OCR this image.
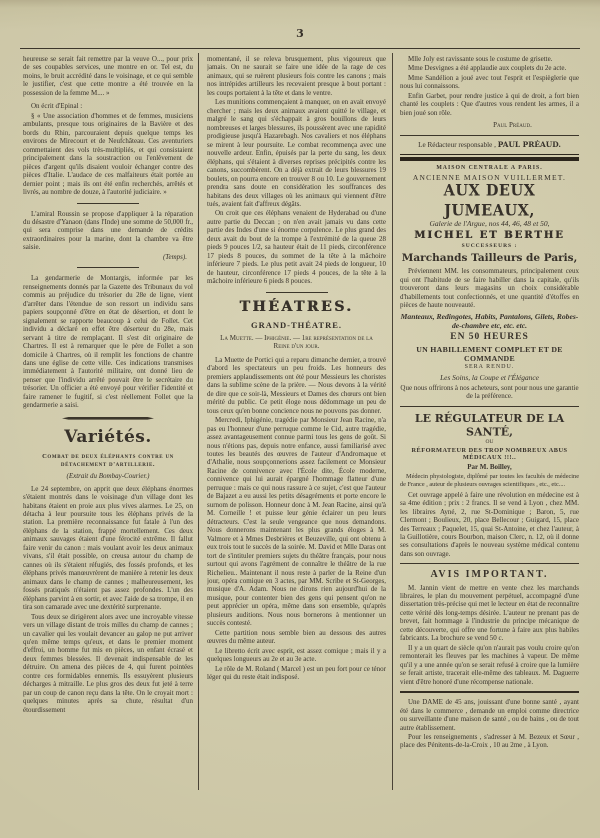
3

heureuse se serait fait remettre par la veuve O..., pour prix de ses coupables services, une montre en or. Tel est, du moins, le bruit accrédité dans le voisinage, et ce qui semble le justifier, c'est que cette montre a été trouvée en la possession de la femme M.... »

On écrit d'Epinal :

§ « Une association d'hommes et de femmes, musiciens ambulants, presque tous originaires de la Bavière et des bords du Rhin, parcouraient depuis quelque temps les environs de Mirecourt et de Neufchâteau. Ces aventuriers commettaient des vols très-multipliés, et qui consistaient principalement dans la soustraction ou l'enlèvement de pièces d'argent qu'ils disaient vouloir échanger contre des pièces d'Italie. L'audace de ces malfaiteurs était portée au dernier point ; mais ils ont été enfin recherchés, arrêtés et livrés, au nombre de douze, à l'autorité judiciaire. »

L'amiral Roussin se propose d'appliquer à la réparation du désastre d'Yanaon (dans l'Inde) une somme de 50,000 fr., qui sera comprise dans une demande de crédits extraordinaires pour la marine, dont la chambre va être saisie.

(Temps).

La gendarmerie de Montargis, informée par les renseignements donnés par la Gazette des Tribunaux du vol commis au préjudice du trésorier du 28e de ligne, vient d'arrêter dans l'étendue de son ressort un individu sans papiers soupçonné d'être en état de désertion, et dont le signalement se rapporte beaucoup à celui de Follet. Cet individu a déclaré en effet être déserteur du 28e, mais servant à titre de remplaçant. Il s'est dit originaire de Chartres. Il est à remarquer que le père de Follet a son domicile à Chartres, où il remplit les fonctions de chantre dans une église de cette ville. Ces indications transmises immédiatement à l'autorité militaire, ont donné lieu de penser que l'individu arrêté pouvait être le secrétaire du trésorier. Un officier a été envoyé pour vérifier l'identité et faire ramener le fugitif, si c'est réellement Follet que la gendarmerie a saisi.

Variétés.
Combat de deux éléphants contre un détachement d'artillerie.
(Extrait du Bombay-Courier.)

Le 24 septembre, on apprit que deux éléphans énormes s'étaient montrés dans le voisinage d'un village dont les habitans étaient en proie aux plus vives alarmes. Le 25, on détacha à leur poursuite tous les éléphans privés de la station. La première reconnaissance fut fatale à l'un des éléphans de la station, frappé mortellement. Ces deux animaux sauvages étaient d'une férocité extrême. Il fallut faire venir du canon : mais voulant avoir les deux animaux vivans, s'il était possible, on creusa autour du champ de cannes où ils s'étaient réfugiés, des fossés profonds, et les éléphans privés manœuvrèrent de manière à retenir les deux animaux dans le champ de cannes ; malheureusement, les fossés pratiqués n'étaient pas assez profondes. L'un des éléphans parvint à en sortir, et avec l'aide de sa trompe, il en tira son camarade avec une dextérité surprenante.

Tous deux se dirigèrent alors avec une incroyable vitesse vers un village distant de trois milles du champ de cannes ; un cavalier qui les voulait devancer au galop ne put arriver qu'en même temps qu'eux, et dans le premier moment d'effroi, un homme fut mis en pièces, un enfant écrasé et deux femmes blessées. Il devenait indispensable de les détruire. On amena des pièces de 4, qui furent pointées contre ces formidables ennemis. Ils essuyèrent plusieurs décharges à mitraille. Le plus gros des deux fut jeté à terre par un coup de canon reçu dans la tête. On le croyait mort : quelques minutes après sa chute, résultat d'un étourdissement

momentané, il se releva brusquement, plus vigoureux que jamais. On ne saurait se faire une idée de la rage de ces animaux, qui se ruèrent plusieurs fois contre les canons ; mais nos intrépides artilleurs les recevaient presque à bout portant : les coups portaient à la tête et dans le ventre.

Les munitions commençaient à manquer, on en avait envoyé chercher ; mais les deux animaux avaient quitté le village, et malgré le sang qui s'échappait à gros bouillons de leurs nombreuses et larges blessures, ils poussèrent avec une rapidité prodigieuse jusqu'à Hazarebagh. Nos cavaliers et nos éléphans se mirent à leur poursuite. Le combat recommença avec une nouvelle ardeur. Enfin, épuisés par la perte du sang, les deux éléphans, qui s'étaient à diverses reprises précipités contre les canons, succombèrent. On a déjà extrait de leurs blessures 19 boulets, on pourra encore en trouver 8 ou 10. Le gouvernement prendra sans doute en considération les souffrances des habitans des deux villages où les animaux qui viennent d'être tués, avaient fait d'affreux dégâts.

On croit que ces éléphans venaient de Hyderabad ou d'une autre partie du Deccan ; on n'en avait jamais vu dans cette partie des Indes d'une si énorme corpulence. Le plus grand des deux avait du bout de la trompe à l'extrémité de la queue 28 pieds 9 pouces 1/2, sa hauteur était de 11 pieds, circonférence 17 pieds 8 pouces, du sommet de la tête à la mâchoire inférieure 7 pieds. Le plus petit avait 24 pieds de longueur, 10 de hauteur, circonférence 17 pieds 4 pouces, de la tête à la mâchoire inférieure 6 pieds 8 pouces.

THÉATRES.
GRAND-THÉATRE.
La Muette. — Iphigénie. — 1re représentation de la Reine d'un jour.

La Muette de Portici qui a reparu dimanche dernier, a trouvé d'abord les spectateurs un peu froids. Les honneurs des premiers applaudissements ont été pour Messieurs les choristes dans la sublime scène de la prière. — Nous devons à la vérité de dire que ce soir-là, Messieurs et Dames des chœurs ont bien mérité du public. Ce petit éloge nous dédommage un peu de tous ceux qu'en bonne concience nous ne pouvons pas donner.

Mercredi, Iphigénie, tragédie par Monsieur Jean Racine, n'a pas eu l'honneur d'une perruque comme le Cid, autre tragédie, assez avantageusement connue parmi tous les gens de goût. Si nous n'étions pas, depuis notre enfance, aussi familiarisé avec toutes les beautés des œuvres de l'auteur d'Andromaque et d'Athalie, nous soupçonnerions assez facilement ce Monsieur Racine de connivence avec l'École dite, École moderne, connivence qui lui aurait épargné l'hommage flatteur d'une perruque : mais ce qui nous rassure à ce sujet, c'est que l'auteur de Bajazet a eu aussi les petits désagréments et porte encore le surnom de polisson. Honneur donc à M. Jean Racine, ainsi qu'à M. Corneille ! et puisse leur génie éclairer un peu leurs détracteurs. C'est la seule vengeance que nous demandons. Nous donnerons maintenant les plus grands éloges à M. Valmore et à Mmes Desbrières et Beuzeville, qui ont obtenu à eux trois tout le succès de la soirée. M. David et Mlle Daras ont tort de s'intituler premiers sujets du théâtre français, pour nous surtout qui avons l'agrément de connaître le théâtre de la rue Richelieu.. Maintenant il nous reste à parler de la Reine d'un jour, opéra comique en 3 actes, par MM. Scribe et St-Georges, musique d'A. Adam. Nous ne dirons rien aujourd'hui de la musique, pour contenter bien des gens qui pensent qu'on ne peut apprécier un opéra, même dans son ensemble, qu'après plusieurs auditions. Nous nous bornerons à mentionner un succès contesté.

Cette partition nous semble bien au dessous des autres œuvres du même auteur.

Le libretto écrit avec esprit, est assez comique ; mais il y a quelques longueurs au 2e et au 3e acte.

Le rôle de M. Roland ( Marcel ) est un peu fort pour ce ténor léger qui du reste était indisposé.

Mlle Joly est ravissante sous le costume de grisette.

Mme Desvignes a été applaudie aux couplets du 2e acte.

Mme Sandélion a joué avec tout l'esprit et l'espièglerie que nous lui connaissons.

Enfin Garbet, pour rendre justice à qui de droit, a fort bien chanté les couplets : Que d'autres vous rendent les armes, il a bien joué son rôle.

Paul Préaud.
Le Rédacteur responsable , PAUL PRÉAUD.
MAISON CENTRALE A PARIS.
ANCIENNE MAISON VUILLERMET.
AUX DEUX JUMEAUX,
Galerie de l'Argue, nos 44, 46, 48 et 50,
MICHEL ET BERTHE
SUCCESSEURS :
Marchands Tailleurs de Paris,

Préviennent MM. les consommateurs, principalement ceux qui ont l'habitude de se faire habiller dans la capitale, qu'ils trouveront dans leurs magasins un choix considérable d'habillements tout confectionnés, et une quantité d'étoffes en pièces de haute nouveauté.

Manteaux, Redingotes, Habits, Pantalons, Gilets, Robes-de-chambre etc, etc. etc.
EN 50 HEURES
UN HABILLEMENT COMPLET ET DE COMMANDE
SERA RENDU.
Les Soins, la Coupe et l'Élégance

Que nous offrirons à nos acheteurs, sont pour nous une garantie de la préférence.

LE RÉGULATEUR DE LA SANTÉ,
OU
RÉFORMATEUR DES TROP NOMBREUX ABUS MÉDICAUX !!!..
Par M. Boilley,

Médecin physiologiste, diplômé par toutes les facultés de médecine de France , auteur de plusieurs ouvrages scientifiques , etc., etc....

Cet ouvrage appelé à faire une révolution en médecine est à sa 4me édition ; prix : 2 francs. Il se vend à Lyon , chez MM. les libraires Ayné, 2, rue St-Dominique ; Baron, 5, rue Clermont ; Boulieux, 20, place Bellecour ; Guigard, 15, place des Terreaux ; Paquelet, 15, quai St-Antoine, et chez l'auteur, à la Guillotière, cours Bourbon, maison Clerc, n. 12, où il donne ses consultations d'après le nouveau système médical contenu dans son ouvrage.

AVIS IMPORTANT.

M. Jannin vient de mettre en vente chez les marchands libraires, le plan du mouvement perpétuel, accompagné d'une dissertation très-précise qui met le lecteur en état de reconnaître cette vérité dès long-temps désirée. L'auteur ne prenant pas de brevet, fait hommage à l'industrie du principe mécanique de cette découverte, qui offre une fortune à faire aux plus habiles fabricants. La brochure se vend 50 c.

Il y a un quart de siècle qu'on n'aurait pas voulu croire qu'on remonterait les fleuves par les machines à vapeur. De même qu'il y a une année qu'on se serait refusé à croire que la lumière se ferait artiste, tracerait elle-même des tableaux. M. Daguerre vient d'être honoré d'une récompense nationale.

Une DAME de 45 ans, jouissant d'une bonne santé , ayant été dans le commerce , demande un emploi comme directrice ou surveillante d'une maison de santé , ou de bains , ou de tout autre établissement.

Pour les renseignements , s'adresser à M. Bezeux et Sœur , place des Pénitents-de-la-Croix , 10 au 2me , à Lyon.
